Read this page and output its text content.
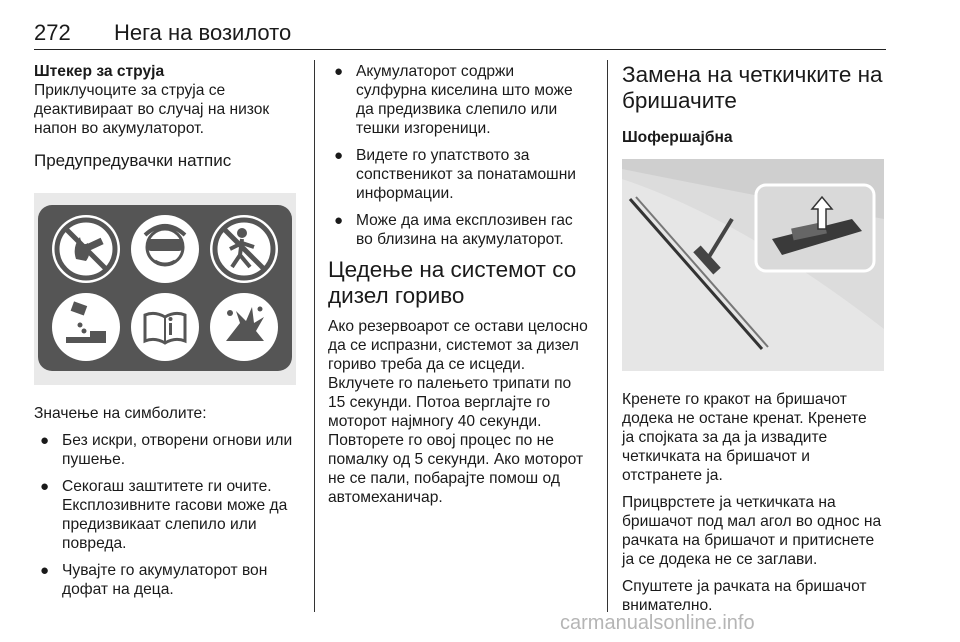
272 Нега на возилото
Штекер за струја
Приклучоците за струја се
деактивираат во случај на низок
напон во акумулаторот.
Предупредувачки натпис
Значење на симболите:
● Без искри, отворени огнови или
пушење.
● Секогаш заштитете ги очите.
Експлозивните гасови може да
предизвикаат слепило или
повреда.
● Чувајте го акумулаторот вон
дофат на деца.
● Акумулаторот содржи
сулфурна киселина што може
да предизвика слепило или
тешки изгореници.
● Видете го упатството за
сопственикот за понатамошни
информации.
● Може да има експлозивен гас
во близина на акумулаторот.
Цедење на системот со
дизел гориво
Ако резервоарот се остави целосно
да се испразни, системот за дизел
гориво треба да се исцеди.
Вклучете го палењето трипати по
15 секунди. Потоа верглајте го
моторот најмногу 40 секунди.
Повторете го овој процес по не
помалку од 5 секунди. Ако моторот
не се пали, побарајте помош од
автомеханичар.
Замена на четкичките на
бришачите
Шофершајбна
Кренете го кракот на бришачот
додека не остане кренат. Кренете
ја спојката за да ја извадите
четкичката на бришачот и
отстранете ја.
Прицврстете ја четкичката на
бришачот под мал агол во однос на
рачката на бришачот и притиснете
ја се додека не се заглави.
Спуштете ја рачката на бришачот
внимателно.
carmanualsonline.info
